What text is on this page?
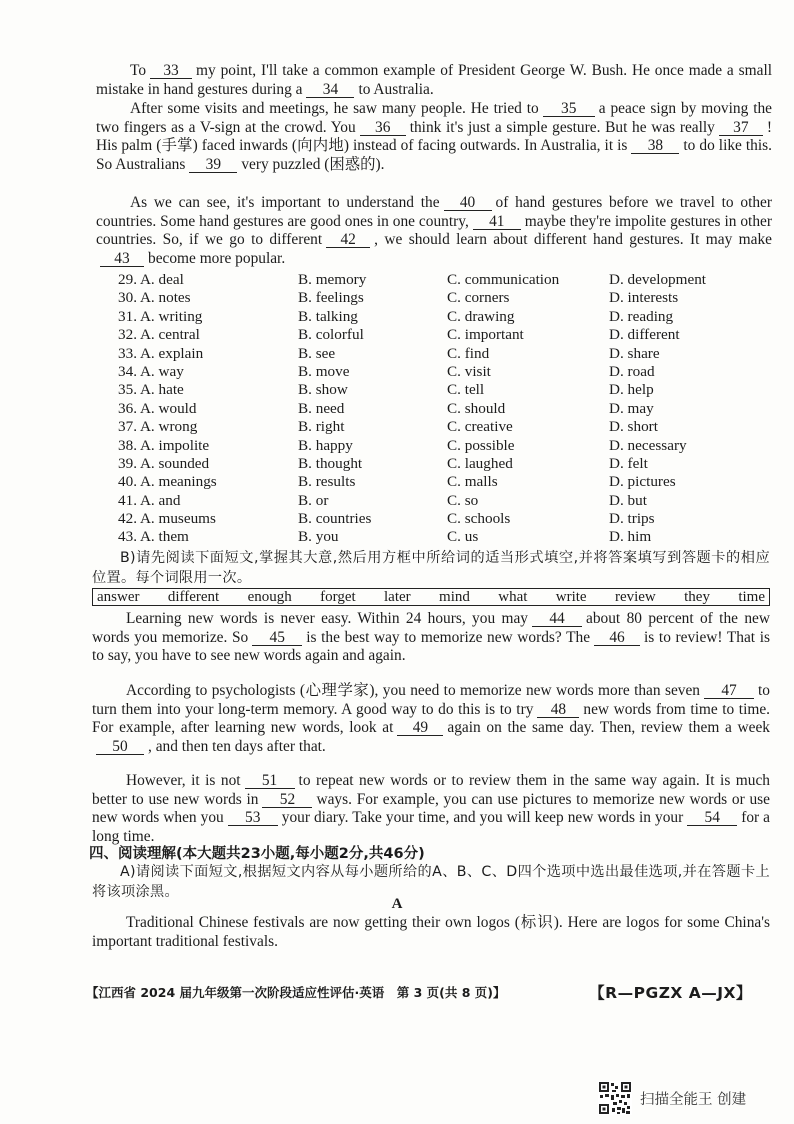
To 33 my point, I'll take a common example of President George W. Bush. He once made a small mistake in hand gestures during a 34 to Australia.
After some visits and meetings, he saw many people. He tried to 35 a peace sign by moving the two fingers as a V-sign at the crowd. You 36 think it's just a simple gesture. But he was really 37 ! His palm (手掌) faced inwards (向内地) instead of facing outwards. In Australia, it is 38 to do like this. So Australians 39 very puzzled (困惑的).
As we can see, it's important to understand the 40 of hand gestures before we travel to other countries. Some hand gestures are good ones in one country, 41 maybe they're impolite gestures in other countries. So, if we go to different 42 , we should learn about different hand gestures. It may make43 become more popular.
29. A. deal	B. memory	C. communication	D. development
30. A. notes	B. feelings	C. corners	D. interests
31. A. writing	B. talking	C. drawing	D. reading
32. A. central	B. colorful	C. important	D. different
33. A. explain	B. see	C. find	D. share
34. A. way	B. move	C. visit	D. road
35. A. hate	B. show	C. tell	D. help
36. A. would	B. need	C. should	D. may
37. A. wrong	B. right	C. creative	D. short
38. A. impolite	B. happy	C. possible	D. necessary
39. A. sounded	B. thought	C. laughed	D. felt
40. A. meanings	B. results	C. malls	D. pictures
41. A. and	B. or	C. so	D. but
42. A. museums	B. countries	C. schools	D. trips
43. A. them	B. you	C. us	D. him
B)请先阅读下面短文,掌握其大意,然后用方框中所给词的适当形式填空,并将答案填写到答题卡的相应位置。每个词限用一次。
answer different enough forget later mind what write review they time
Learning new words is never easy. Within 24 hours, you may 44 about 80 percent of the new words you memorize. So 45 is the best way to memorize new words? The 46 is to review! That is to say, you have to see new words again and again.
According to psychologists (心理学家), you need to memorize new words more than seven 47 to turn them into your long-term memory. A good way to do this is to try 48 new words from time to time. For example, after learning new words, look at 49 again on the same day. Then, review them a week50 , and then ten days after that.
However, it is not 51 to repeat new words or to review them in the same way again. It is much better to use new words in 52 ways. For example, you can use pictures to memorize new words or use new words when you 53 your diary. Take your time, and you will keep new words in your 54 for a long time.
四、阅读理解(本大题共23小题,每小题2分,共46分)
A)请阅读下面短文,根据短文内容从每小题所给的A、B、C、D四个选项中选出最佳选项,并在答题卡上将该项涂黑。
A
Traditional Chinese festivals are now getting their own logos (标识). Here are logos for some China's important traditional festivals.
【江西省 2024 届九年级第一次阶段适应性评估·英语　第 3 页(共 8 页)】	【R—PGZX A—JX】
扫描全能王 创建
